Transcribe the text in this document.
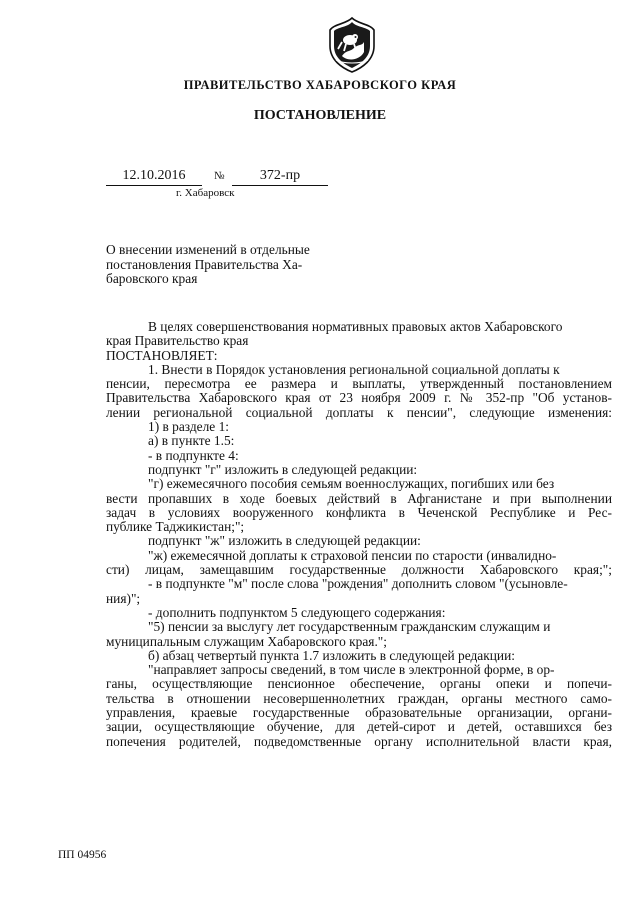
ПРАВИТЕЛЬСТВО ХАБАРОВСКОГО КРАЯ
ПОСТАНОВЛЕНИЕ
12.10.2016	№	372-пр
г. Хабаровск
О внесении изменений в отдельные
постановления Правительства Ха-
баровского края
В целях совершенствования нормативных правовых актов Хабаровского
края Правительство края
ПОСТАНОВЛЯЕТ:
1. Внести в Порядок установления региональной социальной доплаты к
пенсии, пересмотра ее размера и выплаты, утвержденный постановлением
Правительства Хабаровского края от 23 ноября 2009 г. № 352-пр "Об установ-
лении региональной социальной доплаты к пенсии", следующие изменения:
1) в разделе 1:
а) в пункте 1.5:
- в подпункте 4:
подпункт "г" изложить в следующей редакции:
"г) ежемесячного пособия семьям военнослужащих, погибших или без
вести пропавших в ходе боевых действий в Афганистане и при выполнении
задач в условиях вооруженного конфликта в Чеченской Республике и Рес-
публике Таджикистан;";
подпункт "ж" изложить в следующей редакции:
"ж) ежемесячной доплаты к страховой пенсии по старости (инвалидно-
сти) лицам, замещавшим государственные должности Хабаровского края;";
- в подпункте "м" после слова "рождения" дополнить словом "(усыновле-
ния)";
- дополнить подпунктом 5 следующего содержания:
"5) пенсии за выслугу лет государственным гражданским служащим и
муниципальным служащим Хабаровского края.";
б) абзац четвертый пункта 1.7 изложить в следующей редакции:
"направляет запросы сведений, в том числе в электронной форме, в ор-
ганы, осуществляющие пенсионное обеспечение, органы опеки и попечи-
тельства в отношении несовершеннолетних граждан, органы местного само-
управления, краевые государственные образовательные организации, органи-
зации, осуществляющие обучение, для детей-сирот и детей, оставшихся без
попечения родителей, подведомственные органу исполнительной власти края,
ПП 04956
